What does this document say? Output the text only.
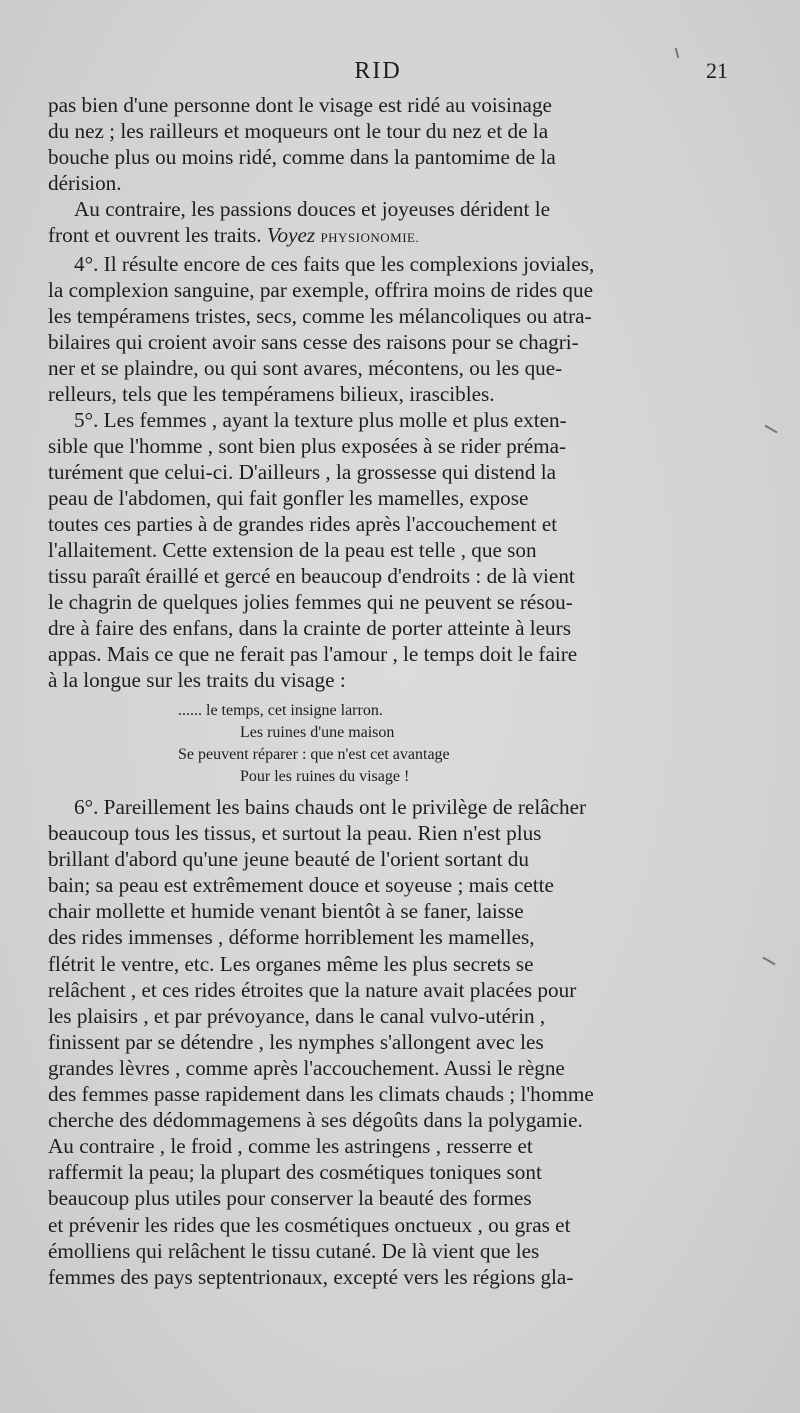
RID	21

pas bien d'une personne dont le visage est ridé au voisinage
du nez ; les railleurs et moqueurs ont le tour du nez et de la
bouche plus ou moins ridé, comme dans la pantomime de la
dérision.

Au contraire, les passions douces et joyeuses dérident le
front et ouvrent les traits. Voyez PHYSIONOMIE.

4°. Il résulte encore de ces faits que les complexions joviales,
la complexion sanguine, par exemple, offrira moins de rides que
les tempéramens tristes, secs, comme les mélancoliques ou atra-
bilaires qui croient avoir sans cesse des raisons pour se chagri-
ner et se plaindre, ou qui sont avares, mécontens, ou les que-
relleurs, tels que les tempéramens bilieux, irascibles.

5°. Les femmes , ayant la texture plus molle et plus exten-
sible que l'homme , sont bien plus exposées à se rider préma-
turément que celui-ci. D'ailleurs , la grossesse qui distend la
peau de l'abdomen, qui fait gonfler les mamelles, expose
toutes ces parties à de grandes rides après l'accouchement et
l'allaitement. Cette extension de la peau est telle , que son
tissu paraît éraillé et gercé en beaucoup d'endroits : de là vient
le chagrin de quelques jolies femmes qui ne peuvent se résou-
dre à faire des enfans, dans la crainte de porter atteinte à leurs
appas. Mais ce que ne ferait pas l'amour , le temps doit le faire
à la longue sur les traits du visage :

...... le temps, cet insigne larron.
Les ruines d'une maison
Se peuvent réparer : que n'est cet avantage
Pour les ruines du visage !

6°. Pareillement les bains chauds ont le privilège de relâcher
beaucoup tous les tissus, et surtout la peau. Rien n'est plus
brillant d'abord qu'une jeune beauté de l'orient sortant du
bain; sa peau est extrêmement douce et soyeuse ; mais cette
chair mollette et humide venant bientôt à se faner, laisse
des rides immenses , déforme horriblement les mamelles,
flétrit le ventre, etc. Les organes même les plus secrets se
relâchent , et ces rides étroites que la nature avait placées pour
les plaisirs , et par prévoyance, dans le canal vulvo-utérin ,
finissent par se détendre , les nymphes s'allongent avec les
grandes lèvres , comme après l'accouchement. Aussi le règne
des femmes passe rapidement dans les climats chauds ; l'homme
cherche des dédommagemens à ses dégoûts dans la polygamie.
Au contraire , le froid , comme les astringens , resserre et
raffermit la peau; la plupart des cosmétiques toniques sont
beaucoup plus utiles pour conserver la beauté des formes
et prévenir les rides que les cosmétiques onctueux , ou gras et
émolliens qui relâchent le tissu cutané. De là vient que les
femmes des pays septentrionaux, excepté vers les régions gla-
